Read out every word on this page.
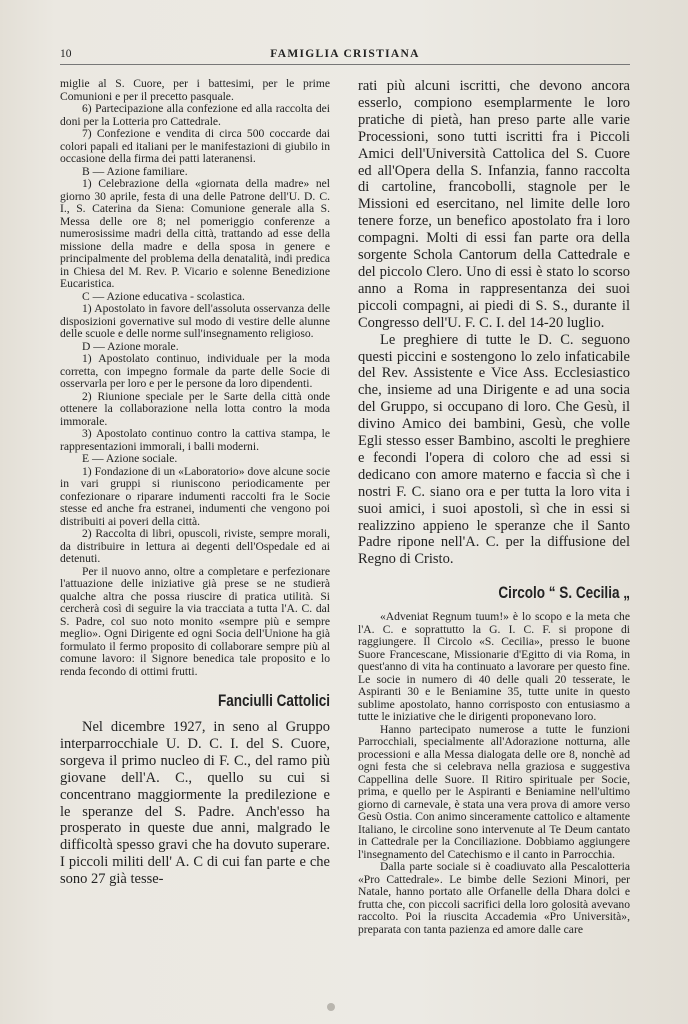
10	FAMIGLIA CRISTIANA

miglie al S. Cuore, per i battesimi, per le prime Comunioni e per il precetto pasquale.

6) Partecipazione alla confezione ed alla raccolta dei doni per la Lotteria pro Cattedrale.

7) Confezione e vendita di circa 500 coccarde dai colori papali ed italiani per le manifestazioni di giubilo in occasione della firma dei patti lateranensi.

B — Azione familiare.

1) Celebrazione della «giornata della madre» nel giorno 30 aprile, festa di una delle Patrone dell'U. D. C. I., S. Caterina da Siena: Comunione generale alla S. Messa delle ore 8; nel pomeriggio conferenze a numerosissime madri della città, trattando ad esse della missione della madre e della sposa in genere e principalmente del problema della denatalità, indi predica in Chiesa del M. Rev. P. Vicario e solenne Benedizione Eucaristica.

C — Azione educativa - scolastica.

1) Apostolato in favore dell'assoluta osservanza delle disposizioni governative sul modo di vestire delle alunne delle scuole e delle norme sull'insegnamento religioso.

D — Azione morale.

1) Apostolato continuo, individuale per la moda corretta, con impegno formale da parte delle Socie di osservarla per loro e per le persone da loro dipendenti.

2) Riunione speciale per le Sarte della città onde ottenere la collaborazione nella lotta contro la moda immorale.

3) Apostolato continuo contro la cattiva stampa, le rappresentazioni immorali, i balli moderni.

E — Azione sociale.

1) Fondazione di un «Laboratorio» dove alcune socie in vari gruppi si riuniscono periodicamente per confezionare o riparare indumenti raccolti fra le Socie stesse ed anche fra estranei, indumenti che vengono poi distribuiti ai poveri della città.

2) Raccolta di libri, opuscoli, riviste, sempre morali, da distribuire in lettura ai degenti dell'Ospedale ed ai detenuti.

Per il nuovo anno, oltre a completare e perfezionare l'attuazione delle iniziative già prese se ne studierà qualche altra che possa riuscire di pratica utilità. Si cercherà così di seguire la via tracciata a tutta l'A. C. dal S. Padre, col suo noto monito «sempre più e sempre meglio». Ogni Dirigente ed ogni Socia dell'Unione ha già formulato il fermo proposito di collaborare sempre più al comune lavoro: il Signore benedica tale proposito e lo renda fecondo di ottimi frutti.

Fanciulli Cattolici

Nel dicembre 1927, in seno al Gruppo interparrocchiale U. D. C. I. del S. Cuore, sorgeva il primo nucleo di F. C., del ramo più giovane dell'A. C., quello su cui si concentrano maggiormente la predilezione e le speranze del S. Padre. Anch'esso ha prosperato in queste due anni, malgrado le difficoltà spesso gravi che ha dovuto superare. I piccoli militi dell' A. C di cui fan parte e che sono 27 già tesse-

rati più alcuni iscritti, che devono ancora esserlo, compiono esemplarmente le loro pratiche di pietà, han preso parte alle varie Processioni, sono tutti iscritti fra i Piccoli Amici dell'Università Cattolica del S. Cuore ed all'Opera della S. Infanzia, fanno raccolta di cartoline, francobolli, stagnole per le Missioni ed esercitano, nel limite delle loro tenere forze, un benefico apostolato fra i loro compagni. Molti di essi fan parte ora della sorgente Schola Cantorum della Cattedrale e del piccolo Clero. Uno di essi è stato lo scorso anno a Roma in rappresentanza dei suoi piccoli compagni, ai piedi di S. S., durante il Congresso dell'U. F. C. I. del 14-20 luglio.

Le preghiere di tutte le D. C. seguono questi piccini e sostengono lo zelo infaticabile del Rev. Assistente e Vice Ass. Ecclesiastico che, insieme ad una Dirigente e ad una socia del Gruppo, si occupano di loro. Che Gesù, il divino Amico dei bambini, Gesù, che volle Egli stesso esser Bambino, ascolti le preghiere e fecondi l'opera di coloro che ad essi si dedicano con amore materno e faccia sì che i nostri F. C. siano ora e per tutta la loro vita i suoi amici, i suoi apostoli, sì che in essi si realizzino appieno le speranze che il Santo Padre ripone nell'A. C. per la diffusione del Regno di Cristo.

Circolo “ S. Cecilia „

«Adveniat Regnum tuum!» è lo scopo e la meta che l'A. C. e soprattutto la G. I. C. F. si propone di raggiungere. Il Circolo «S. Cecilia», presso le buone Suore Francescane, Missionarie d'Egitto di via Roma, in quest'anno di vita ha continuato a lavorare per questo fine. Le socie in numero di 40 delle quali 20 tesserate, le Aspiranti 30 e le Beniamine 35, tutte unite in questo sublime apostolato, hanno corrisposto con entusiasmo a tutte le iniziative che le dirigenti proponevano loro.

Hanno partecipato numerose a tutte le funzioni Parrocchiali, specialmente all'Adorazione notturna, alle processioni e alla Messa dialogata delle ore 8, nonchè ad ogni festa che si celebrava nella graziosa e suggestiva Cappellina delle Suore. Il Ritiro spirituale per Socie, prima, e quello per le Aspiranti e Beniamine nell'ultimo giorno di carnevale, è stata una vera prova di amore verso Gesù Ostia. Con animo sinceramente cattolico e altamente Italiano, le circoline sono intervenute al Te Deum cantato in Cattedrale per la Conciliazione. Dobbiamo aggiungere l'insegnamento del Catechismo e il canto in Parrocchia.

Dalla parte sociale si è coadiuvato alla Pescalotteria «Pro Cattedrale». Le bimbe delle Sezioni Minori, per Natale, hanno portato alle Orfanelle della Dhara dolci e frutta che, con piccoli sacrifici della loro golosità avevano raccolto. Poi la riuscita Accademia «Pro Università», preparata con tanta pazienza ed amore dalle care
